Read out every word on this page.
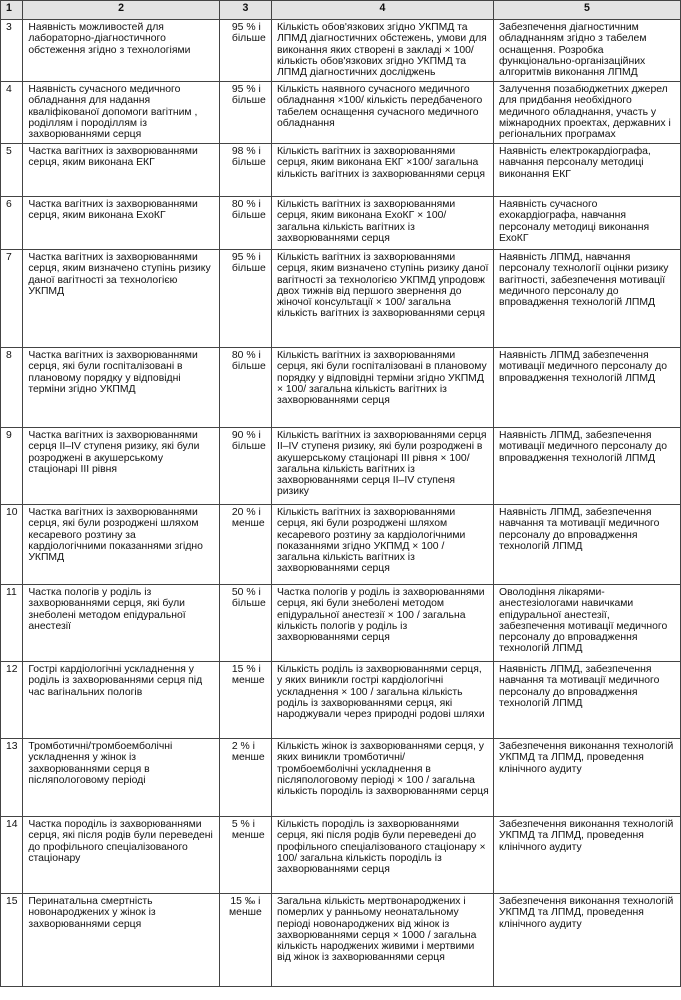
1	2	3	4	5
3	Наявність можливостей для лабораторно-діагностичного обстеження згідно з технологіями	95 % і більше	Кількість обов'язкових згідно УКПМД та ЛПМД діагностичних обстежень, умови для виконання яких створені в закладі × 100/ кількість обов'язкових згідно УКПМД та ЛПМД діагностичних досліджень	Забезпечення діагностичним обладнанням згідно з табелем оснащення. Розробка функціонально-організаційних алгоритмів виконання ЛПМД
4	Наявність сучасного медичного обладнання для надання кваліфікованої допомоги вагітним , роділлям і породіллям із захворюваннями серця	95 % і більше	Кількість наявного сучасного медичного обладнання ×100/ кількість передбаченого табелем оснащення сучасного медичного обладнання	Залучення позабюджетних джерел для придбання необхідного медичного обладнання, участь у міжнародних проектах, державних і регіональних програмах
5	Частка вагітних із захворюваннями серця, яким виконана ЕКГ	98 % і більше	Кількість вагітних із захворюваннями серця, яким виконана ЕКГ ×100/ загальна кількість вагітних із захворюваннями серця	Наявність електрокардіографа, навчання персоналу методиці виконання ЕКГ
6	Частка вагітних із захворюваннями серця, яким виконана ЕхоКГ	80 % і більше	Кількість вагітних із захворюваннями серця, яким виконана ЕхоКГ × 100/ загальна кількість вагітних із захворюваннями серця	Наявність сучасного ехокардіографа, навчання персоналу методиці виконання ЕхоКГ
7	Частка вагітних із захворюваннями серця, яким визначено ступінь ризику даної вагітності за технологією УКПМД	95 % і більше	Кількість вагітних із захворюваннями серця, яким визначено ступінь ризику даної вагітності за технологією УКПМД упродовж двох тижнів від першого звернення до жіночої консультації × 100/ загальна кількість вагітних із захворюваннями серця	Наявність ЛПМД, навчання персоналу технології оцінки ризику вагітності, забезпечення мотивації медичного персоналу до впровадження технологій ЛПМД
8	Частка вагітних із захворюваннями серця, які були госпіталізовані в плановому порядку у відповідні терміни згідно УКПМД	80 % і більше	Кількість вагітних із захворюваннями серця, які були госпіталізовані в плановому порядку у відповідні терміни згідно УКПМД × 100/ загальна кількість вагітних із захворюваннями серця	Наявність ЛПМД забезпечення мотивації медичного персоналу до впровадження технологій ЛПМД
9	Частка вагітних із захворюваннями серця II–IV ступеня ризику, які були розроджені в акушерському стаціонарі III рівня	90 % і більше	Кількість вагітних із захворюваннями серця II–IV ступеня ризику, які були розроджені в акушерському стаціонарі III рівня × 100/ загальна кількість вагітних із захворюваннями серця II–IV ступеня ризику	Наявність ЛПМД, забезпечення мотивації медичного персоналу до впровадження технологій ЛПМД
10	Частка вагітних із захворюваннями серця, які були розроджені шляхом кесаревого розтину за кардіологічними показаннями згідно УКПМД	20 % і менше	Кількість вагітних із захворюваннями серця, які були розроджені шляхом кесаревого розтину за кардіологічними показаннями згідно УКПМД × 100 / загальна кількість вагітних із захворюваннями серця	Наявність ЛПМД, забезпечення навчання та мотивації медичного персоналу до впровадження технологій ЛПМД
11	Частка пологів у роділь із захворюваннями серця, які були знеболені методом епідуральної анестезії	50 % і більше	Частка пологів у роділь із захворюваннями серця, які були знеболені методом епідуральної анестезії × 100 / загальна кількість пологів у роділь із захворюваннями серця	Оволодіння лікарями-анестезіологами навичками епідуральної анестезії, забезпечення мотивації медичного персоналу до впровадження технологій ЛПМД
12	Гострі кардіологічні ускладнення у роділь із захворюваннями серця під час вагінальних пологів	15 % і менше	Кількість роділь із захворюваннями серця, у яких виникли гострі кардіологічні ускладнення × 100 / загальна кількість роділь із захворюваннями серця, які народжували через природні родові шляхи	Наявність ЛПМД, забезпечення навчання та мотивації медичного персоналу до впровадження технологій ЛПМД
13	Тромботичні/тромбоемболічні ускладнення у жінок із захворюваннями серця в післяпологовому періоді	2 % і менше	Кількість жінок із захворюваннями серця, у яких виникли тромботичні/ тромбоемболічні ускладнення в післяпологовому періоді × 100 / загальна кількість породіль із захворюваннями серця	Забезпечення виконання технологій УКПМД та ЛПМД, проведення клінічного аудиту
14	Частка породіль із захворюваннями серця, які після родів були переведені до профільного спеціалізованого стаціонару	5 % і менше	Кількість породіль із захворюваннями серця, які після родів були переведені до профільного спеціалізованого стаціонару × 100/ загальна кількість породіль із захворюваннями серця	Забезпечення виконання технологій УКПМД та ЛПМД, проведення клінічного аудиту
15	Перинатальна смертність новонароджених у жінок із захворюваннями серця	15 ‰ і менше	Загальна кількість мертвонароджених і померлих у ранньому неонатальному періоді новонароджених від жінок із захворюваннями серця × 1000 / загальна кількість народжених живими і мертвими від жінок із захворюваннями серця	Забезпечення виконання технологій УКПМД та ЛПМД, проведення клінічного аудиту
